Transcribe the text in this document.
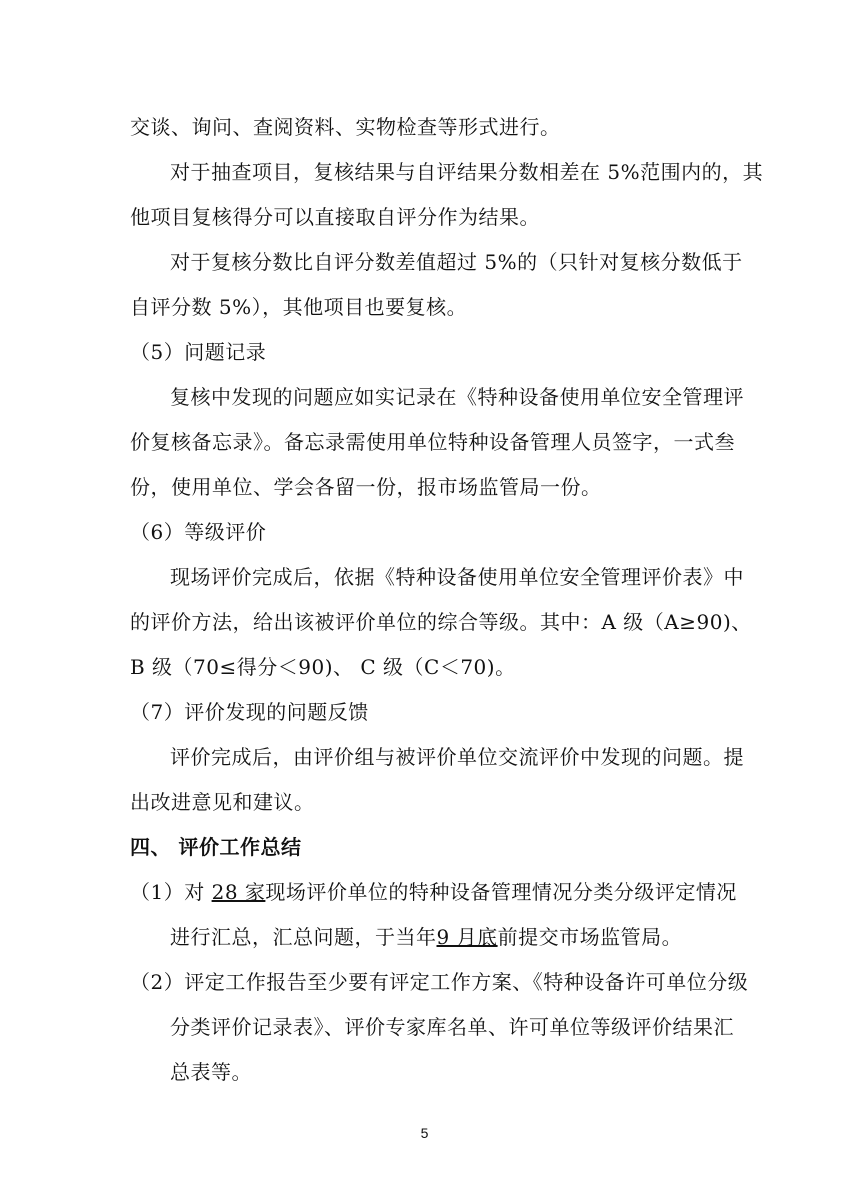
交谈、询问、查阅资料、实物检查等形式进行。
对于抽查项目，复核结果与自评结果分数相差在 5%范围内的，其
他项目复核得分可以直接取自评分作为结果。
对于复核分数比自评分数差值超过 5%的（只针对复核分数低于
自评分数 5%），其他项目也要复核。
（5）问题记录
复核中发现的问题应如实记录在《特种设备使用单位安全管理评
价复核备忘录》。备忘录需使用单位特种设备管理人员签字，一式叁
份，使用单位、学会各留一份，报市场监管局一份。
（6）等级评价
现场评价完成后，依据《特种设备使用单位安全管理评价表》中
的评价方法，给出该被评价单位的综合等级。其中：A 级（A≥90)、
B 级（70≤得分＜90)、 C 级（C＜70)。
（7）评价发现的问题反馈
评价完成后，由评价组与被评价单位交流评价中发现的问题。提
出改进意见和建议。
四、 评价工作总结
（1）对 28 家现场评价单位的特种设备管理情况分类分级评定情况
进行汇总，汇总问题，于当年9 月底前提交市场监管局。
（2）评定工作报告至少要有评定工作方案、《特种设备许可单位分级
分类评价记录表》、评价专家库名单、许可单位等级评价结果汇
总表等。
5
